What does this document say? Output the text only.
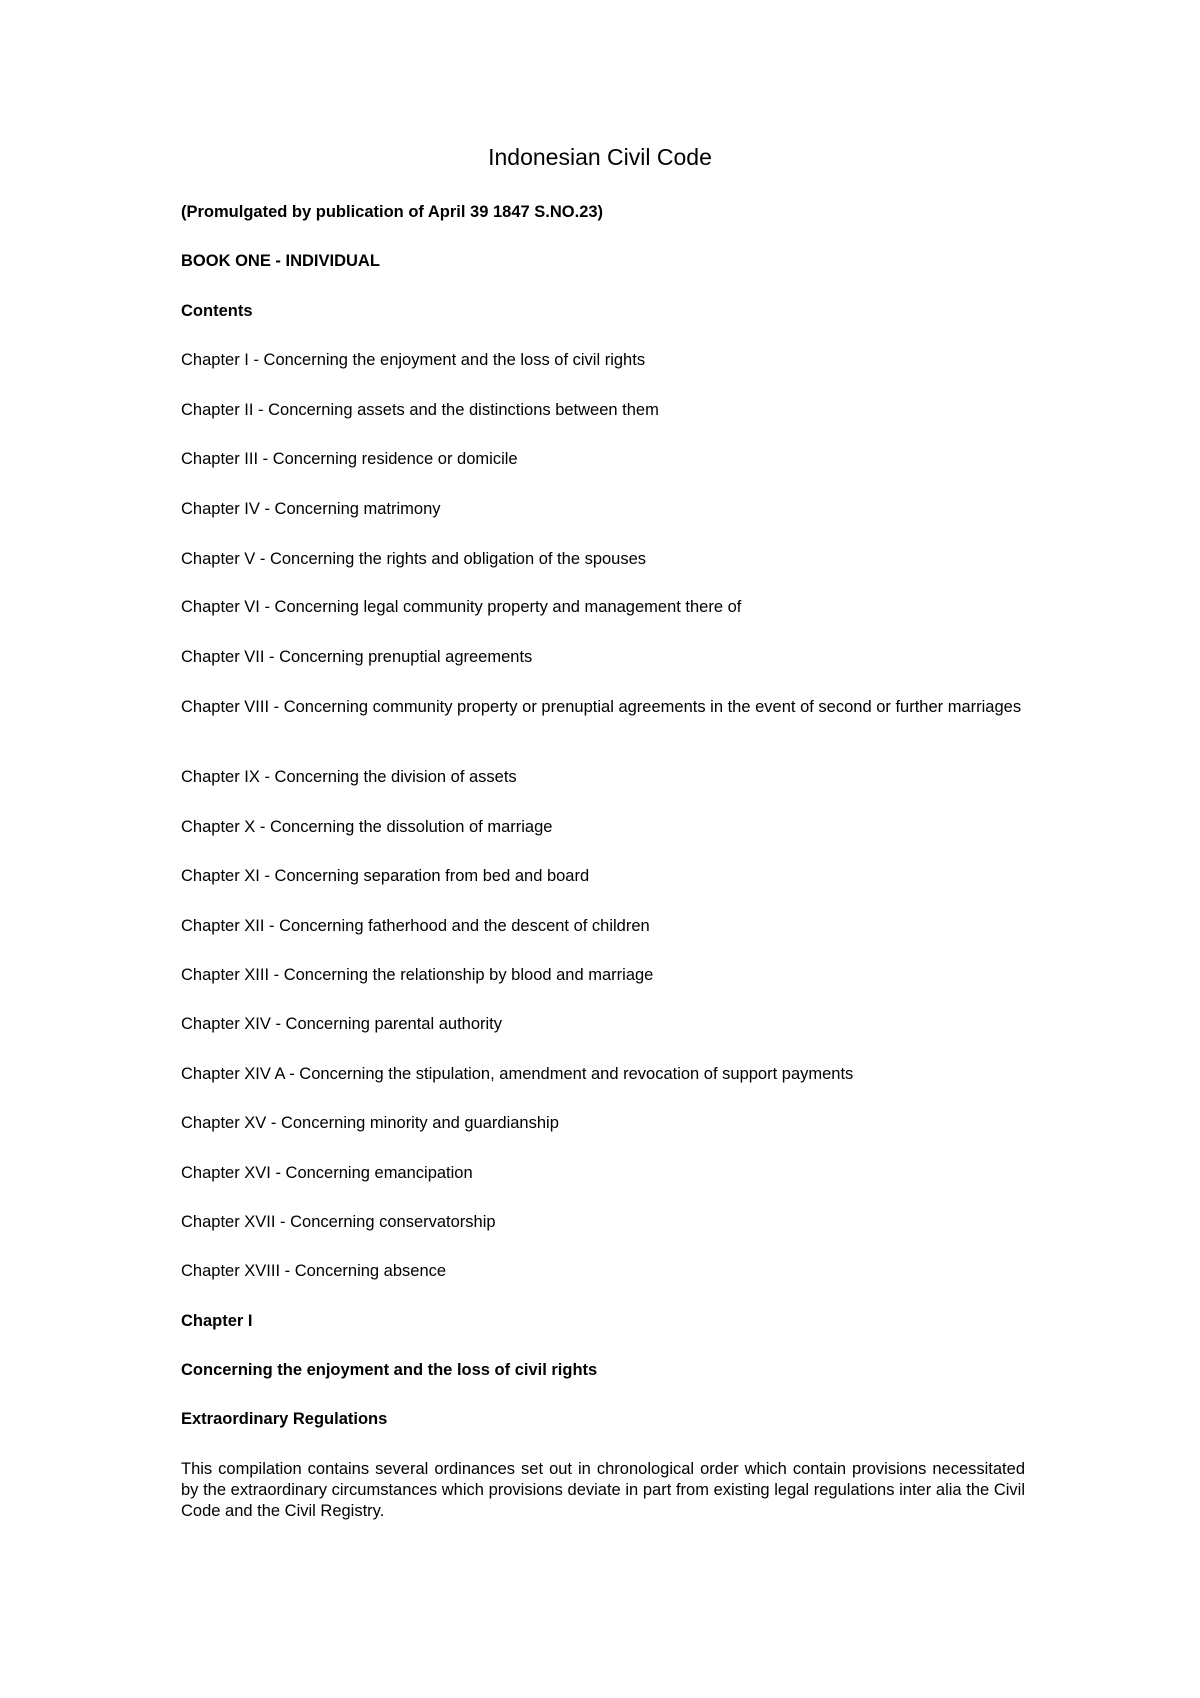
Indonesian Civil Code

(Promulgated by publication of April 39 1847 S.NO.23)

BOOK ONE - INDIVIDUAL

Contents

Chapter I - Concerning the enjoyment and the loss of civil rights

Chapter II - Concerning assets and the distinctions between them

Chapter III - Concerning residence or domicile

Chapter IV - Concerning matrimony

Chapter V - Concerning the rights and obligation of the spouses

Chapter VI - Concerning legal community property and management there of

Chapter VII - Concerning prenuptial agreements

Chapter VIII - Concerning community property or prenuptial agreements in the event of second or further marriages

Chapter IX - Concerning the division of assets

Chapter X - Concerning the dissolution of marriage

Chapter XI - Concerning separation from bed and board

Chapter XII - Concerning fatherhood and the descent of children

Chapter XIII - Concerning the relationship by blood and marriage

Chapter XIV - Concerning parental authority

Chapter XIV A - Concerning the stipulation, amendment and revocation of support payments

Chapter XV - Concerning minority and guardianship

Chapter XVI - Concerning emancipation

Chapter XVII - Concerning conservatorship

Chapter XVIII - Concerning absence

Chapter I

Concerning the enjoyment and the loss of civil rights

Extraordinary Regulations

This compilation contains several ordinances set out in chronological order which contain provisions necessitated by the extraordinary circumstances which provisions deviate in part from existing legal regulations inter alia the Civil Code and the Civil Registry.
